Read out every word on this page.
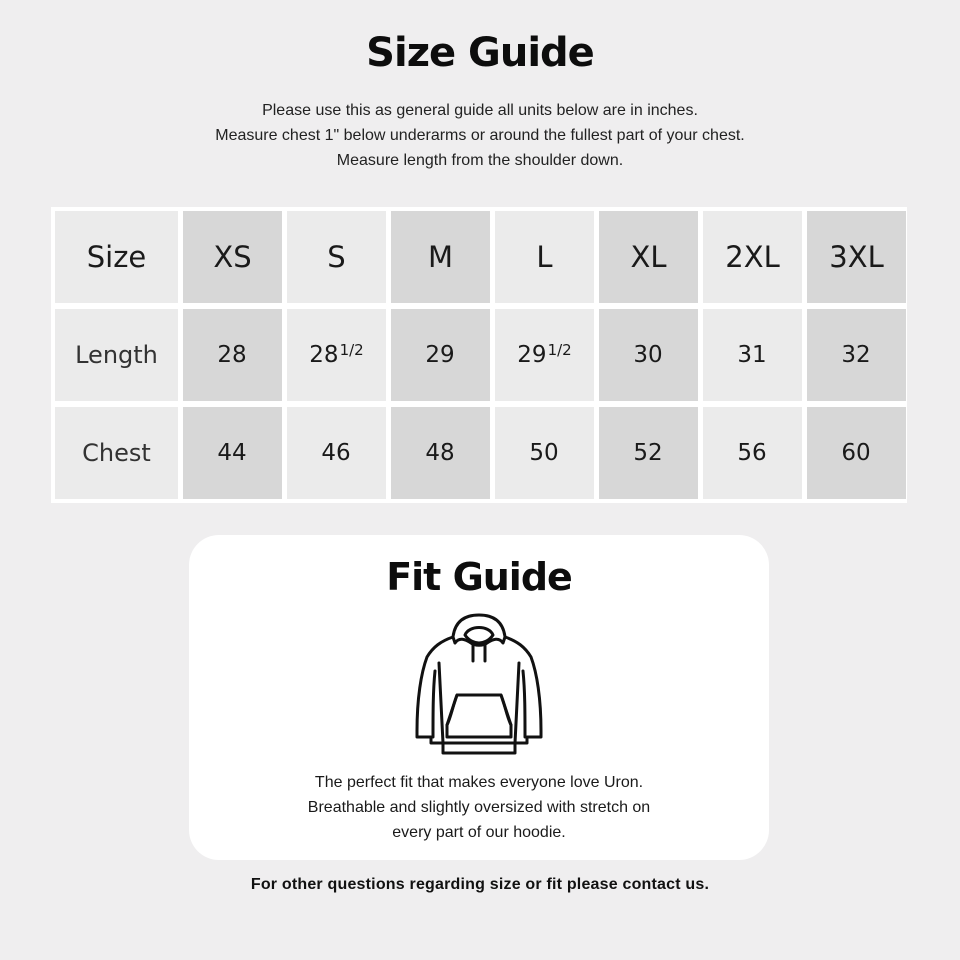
Size Guide
Please use this as general guide all units below are in inches.
Measure chest 1" below underarms or around the fullest part of your chest.
Measure length from the shoulder down.
Size	XS	S	M	L	XL	2XL	3XL
Length	28	28 1/2	29	29 1/2	30	31	32
Chest	44	46	48	50	52	56	60
Fit Guide
The perfect fit that makes everyone love Uron.
Breathable and slightly oversized with stretch on
every part of our hoodie.
For other questions regarding size or fit please contact us.
